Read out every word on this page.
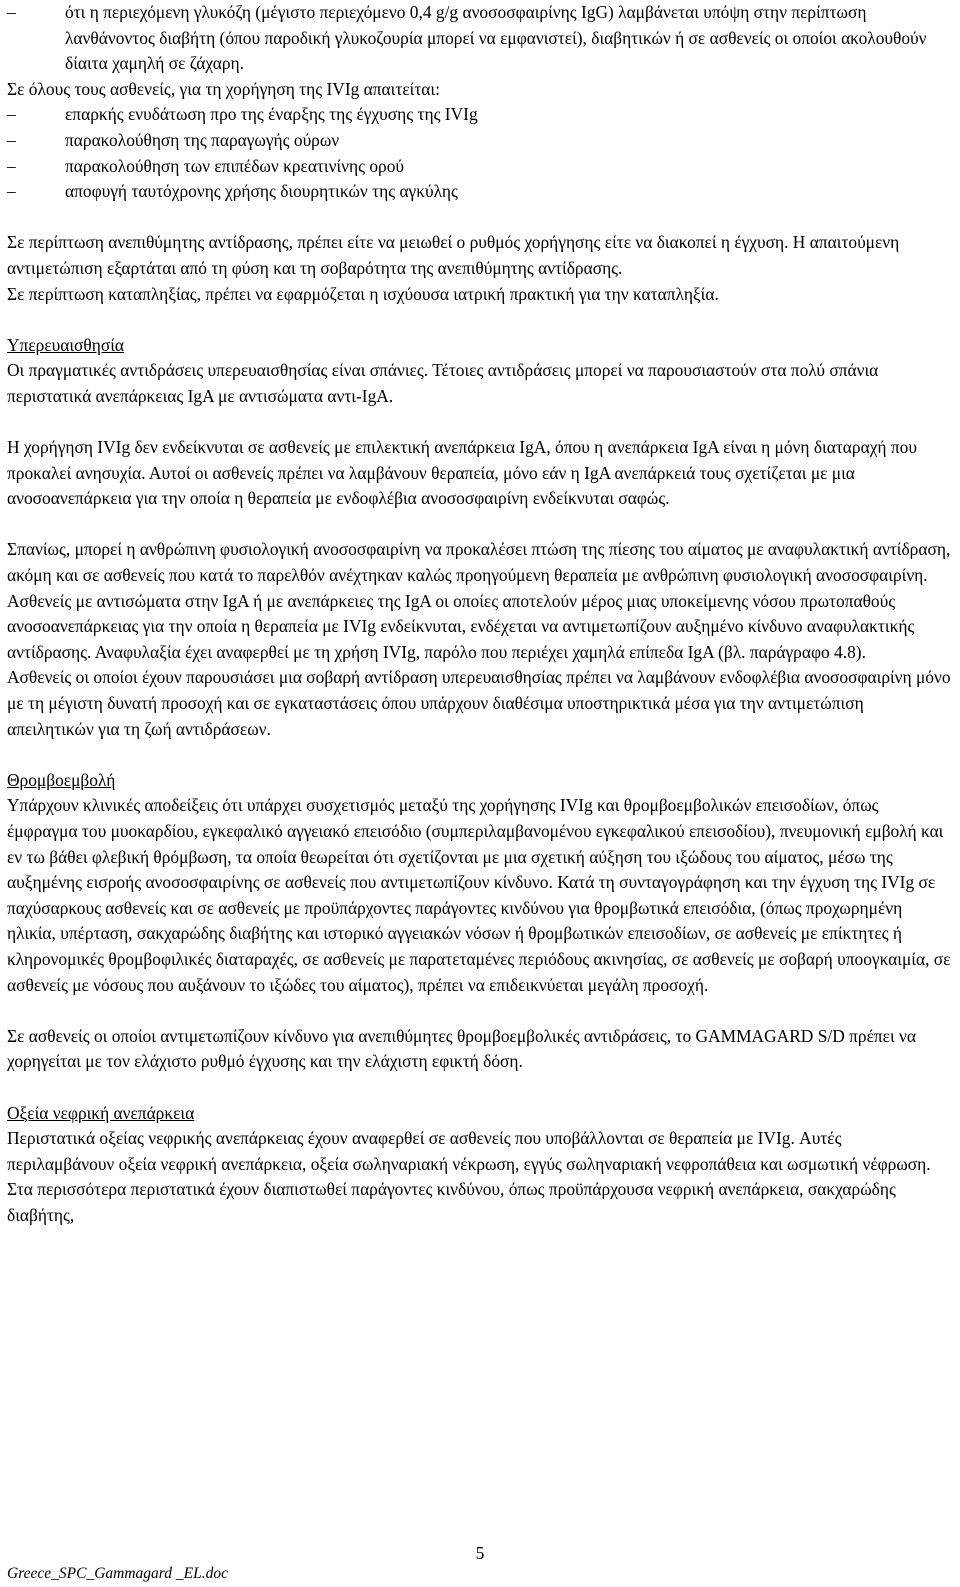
–	ότι η περιεχόμενη γλυκόζη (μέγιστο περιεχόμενο 0,4 g/g ανοσοσφαιρίνης IgG) λαμβάνεται υπόψη στην περίπτωση λανθάνοντος διαβήτη (όπου παροδική γλυκοζουρία μπορεί να εμφανιστεί), διαβητικών ή σε ασθενείς οι οποίοι ακολουθούν δίαιτα χαμηλή σε ζάχαρη.

Σε όλους τους ασθενείς, για τη χορήγηση της IVIg απαιτείται:

–	επαρκής ενυδάτωση προ της έναρξης της έγχυσης της IVIg
–	παρακολούθηση της παραγωγής ούρων
–	παρακολούθηση των επιπέδων κρεατινίνης ορού
–	αποφυγή ταυτόχρονης χρήσης διουρητικών της αγκύλης

Σε περίπτωση ανεπιθύμητης αντίδρασης, πρέπει είτε να μειωθεί ο ρυθμός χορήγησης είτε να διακοπεί η έγχυση. Η απαιτούμενη αντιμετώπιση εξαρτάται από τη φύση και τη σοβαρότητα της ανεπιθύμητης αντίδρασης.

Σε περίπτωση καταπληξίας, πρέπει να εφαρμόζεται η ισχύουσα ιατρική πρακτική για την καταπληξία.

Υπερευαισθησία

Οι πραγματικές αντιδράσεις υπερευαισθησίας είναι σπάνιες. Τέτοιες αντιδράσεις μπορεί να παρουσιαστούν στα πολύ σπάνια περιστατικά ανεπάρκειας IgA με αντισώματα αντι-IgA.

Η χορήγηση IVIg δεν ενδείκνυται σε ασθενείς με επιλεκτική ανεπάρκεια IgA, όπου η ανεπάρκεια IgA είναι η μόνη διαταραχή που προκαλεί ανησυχία. Αυτοί οι ασθενείς πρέπει να λαμβάνουν θεραπεία, μόνο εάν η IgA ανεπάρκειά τους σχετίζεται με μια ανοσοανεπάρκεια για την οποία η θεραπεία με ενδοφλέβια ανοσοσφαιρίνη ενδείκνυται σαφώς.

Σπανίως, μπορεί η ανθρώπινη φυσιολογική ανοσοσφαιρίνη να προκαλέσει πτώση της πίεσης του αίματος με αναφυλακτική αντίδραση, ακόμη και σε ασθενείς που κατά το παρελθόν ανέχτηκαν καλώς προηγούμενη θεραπεία με ανθρώπινη φυσιολογική ανοσοσφαιρίνη.

Ασθενείς με αντισώματα στην IgA ή με ανεπάρκειες της IgA οι οποίες αποτελούν μέρος μιας υποκείμενης νόσου πρωτοπαθούς ανοσοανεπάρκειας για την οποία η θεραπεία με IVIg ενδείκνυται, ενδέχεται να αντιμετωπίζουν αυξημένο κίνδυνο αναφυλακτικής αντίδρασης. Αναφυλαξία έχει αναφερθεί με τη χρήση IVIg, παρόλο που περιέχει χαμηλά επίπεδα IgA (βλ. παράγραφο 4.8).

Ασθενείς οι οποίοι έχουν παρουσιάσει μια σοβαρή αντίδραση υπερευαισθησίας πρέπει να λαμβάνουν ενδοφλέβια ανοσοσφαιρίνη μόνο με τη μέγιστη δυνατή προσοχή και σε εγκαταστάσεις όπου υπάρχουν διαθέσιμα υποστηρικτικά μέσα για την αντιμετώπιση απειλητικών για τη ζωή αντιδράσεων.

Θρομβοεμβολή

Υπάρχουν κλινικές αποδείξεις ότι υπάρχει συσχετισμός μεταξύ της χορήγησης IVIg και θρομβοεμβολικών επεισοδίων, όπως έμφραγμα του μυοκαρδίου, εγκεφαλικό αγγειακό επεισόδιο (συμπεριλαμβανομένου εγκεφαλικού επεισοδίου), πνευμονική εμβολή και εν τω βάθει φλεβική θρόμβωση, τα οποία θεωρείται ότι σχετίζονται με μια σχετική αύξηση του ιξώδους του αίματος, μέσω της αυξημένης εισροής ανοσοσφαιρίνης σε ασθενείς που αντιμετωπίζουν κίνδυνο. Κατά τη συνταγογράφηση και την έγχυση της IVIg σε παχύσαρκους ασθενείς και σε ασθενείς με προϋπάρχοντες παράγοντες κινδύνου για θρομβωτικά επεισόδια, (όπως προχωρημένη ηλικία, υπέρταση, σακχαρώδης διαβήτης και ιστορικό αγγειακών νόσων ή θρομβωτικών επεισοδίων, σε ασθενείς με επίκτητες ή κληρονομικές θρομβοφιλικές διαταραχές, σε ασθενείς με παρατεταμένες περιόδους ακινησίας, σε ασθενείς με σοβαρή υποογκαιμία, σε ασθενείς με νόσους που αυξάνουν το ιξώδες του αίματος), πρέπει να επιδεικνύεται μεγάλη προσοχή.

Σε ασθενείς οι οποίοι αντιμετωπίζουν κίνδυνο για ανεπιθύμητες θρομβοεμβολικές αντιδράσεις, το GAMMAGARD S/D πρέπει να χορηγείται με τον ελάχιστο ρυθμό έγχυσης και την ελάχιστη εφικτή δόση.

Οξεία νεφρική ανεπάρκεια

Περιστατικά οξείας νεφρικής ανεπάρκειας έχουν αναφερθεί σε ασθενείς που υποβάλλονται σε θεραπεία με IVIg. Αυτές περιλαμβάνουν οξεία νεφρική ανεπάρκεια, οξεία σωληναριακή νέκρωση, εγγύς σωληναριακή νεφροπάθεια και ωσμωτική νέφρωση. Στα περισσότερα περιστατικά έχουν διαπιστωθεί παράγοντες κινδύνου, όπως προϋπάρχουσα νεφρική ανεπάρκεια, σακχαρώδης διαβήτης,

5
Greece_SPC_Gammagard _EL.doc
